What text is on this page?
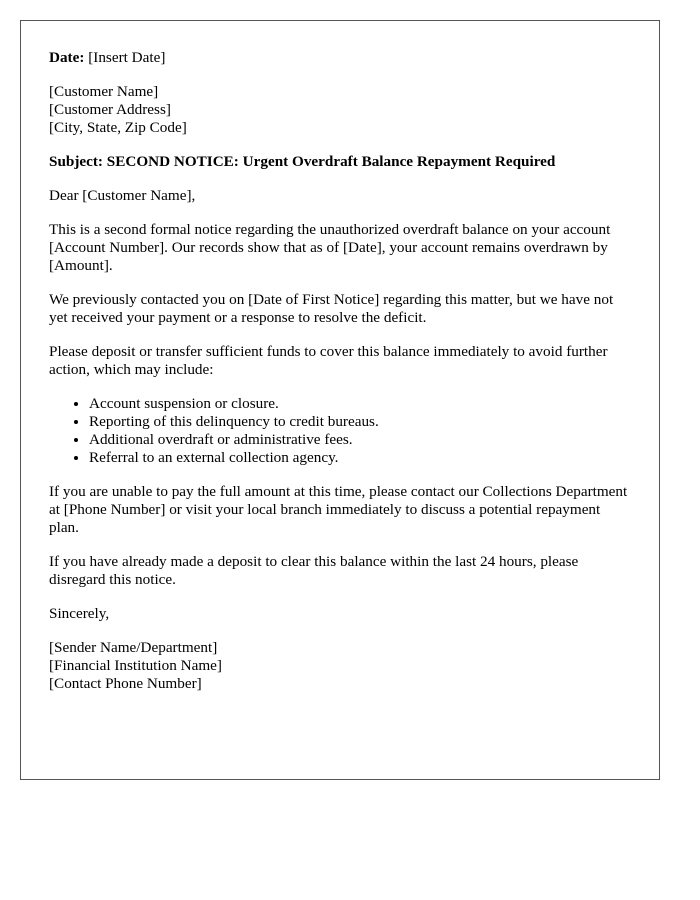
Date: [Insert Date]

[Customer Name]
[Customer Address]
[City, State, Zip Code]

Subject: SECOND NOTICE: Urgent Overdraft Balance Repayment Required

Dear [Customer Name],

This is a second formal notice regarding the unauthorized overdraft balance on your account [Account Number]. Our records show that as of [Date], your account remains overdrawn by [Amount].

We previously contacted you on [Date of First Notice] regarding this matter, but we have not yet received your payment or a response to resolve the deficit.

Please deposit or transfer sufficient funds to cover this balance immediately to avoid further action, which may include:

• Account suspension or closure.
• Reporting of this delinquency to credit bureaus.
• Additional overdraft or administrative fees.
• Referral to an external collection agency.

If you are unable to pay the full amount at this time, please contact our Collections Department at [Phone Number] or visit your local branch immediately to discuss a potential repayment plan.

If you have already made a deposit to clear this balance within the last 24 hours, please disregard this notice.

Sincerely,

[Sender Name/Department]
[Financial Institution Name]
[Contact Phone Number]
